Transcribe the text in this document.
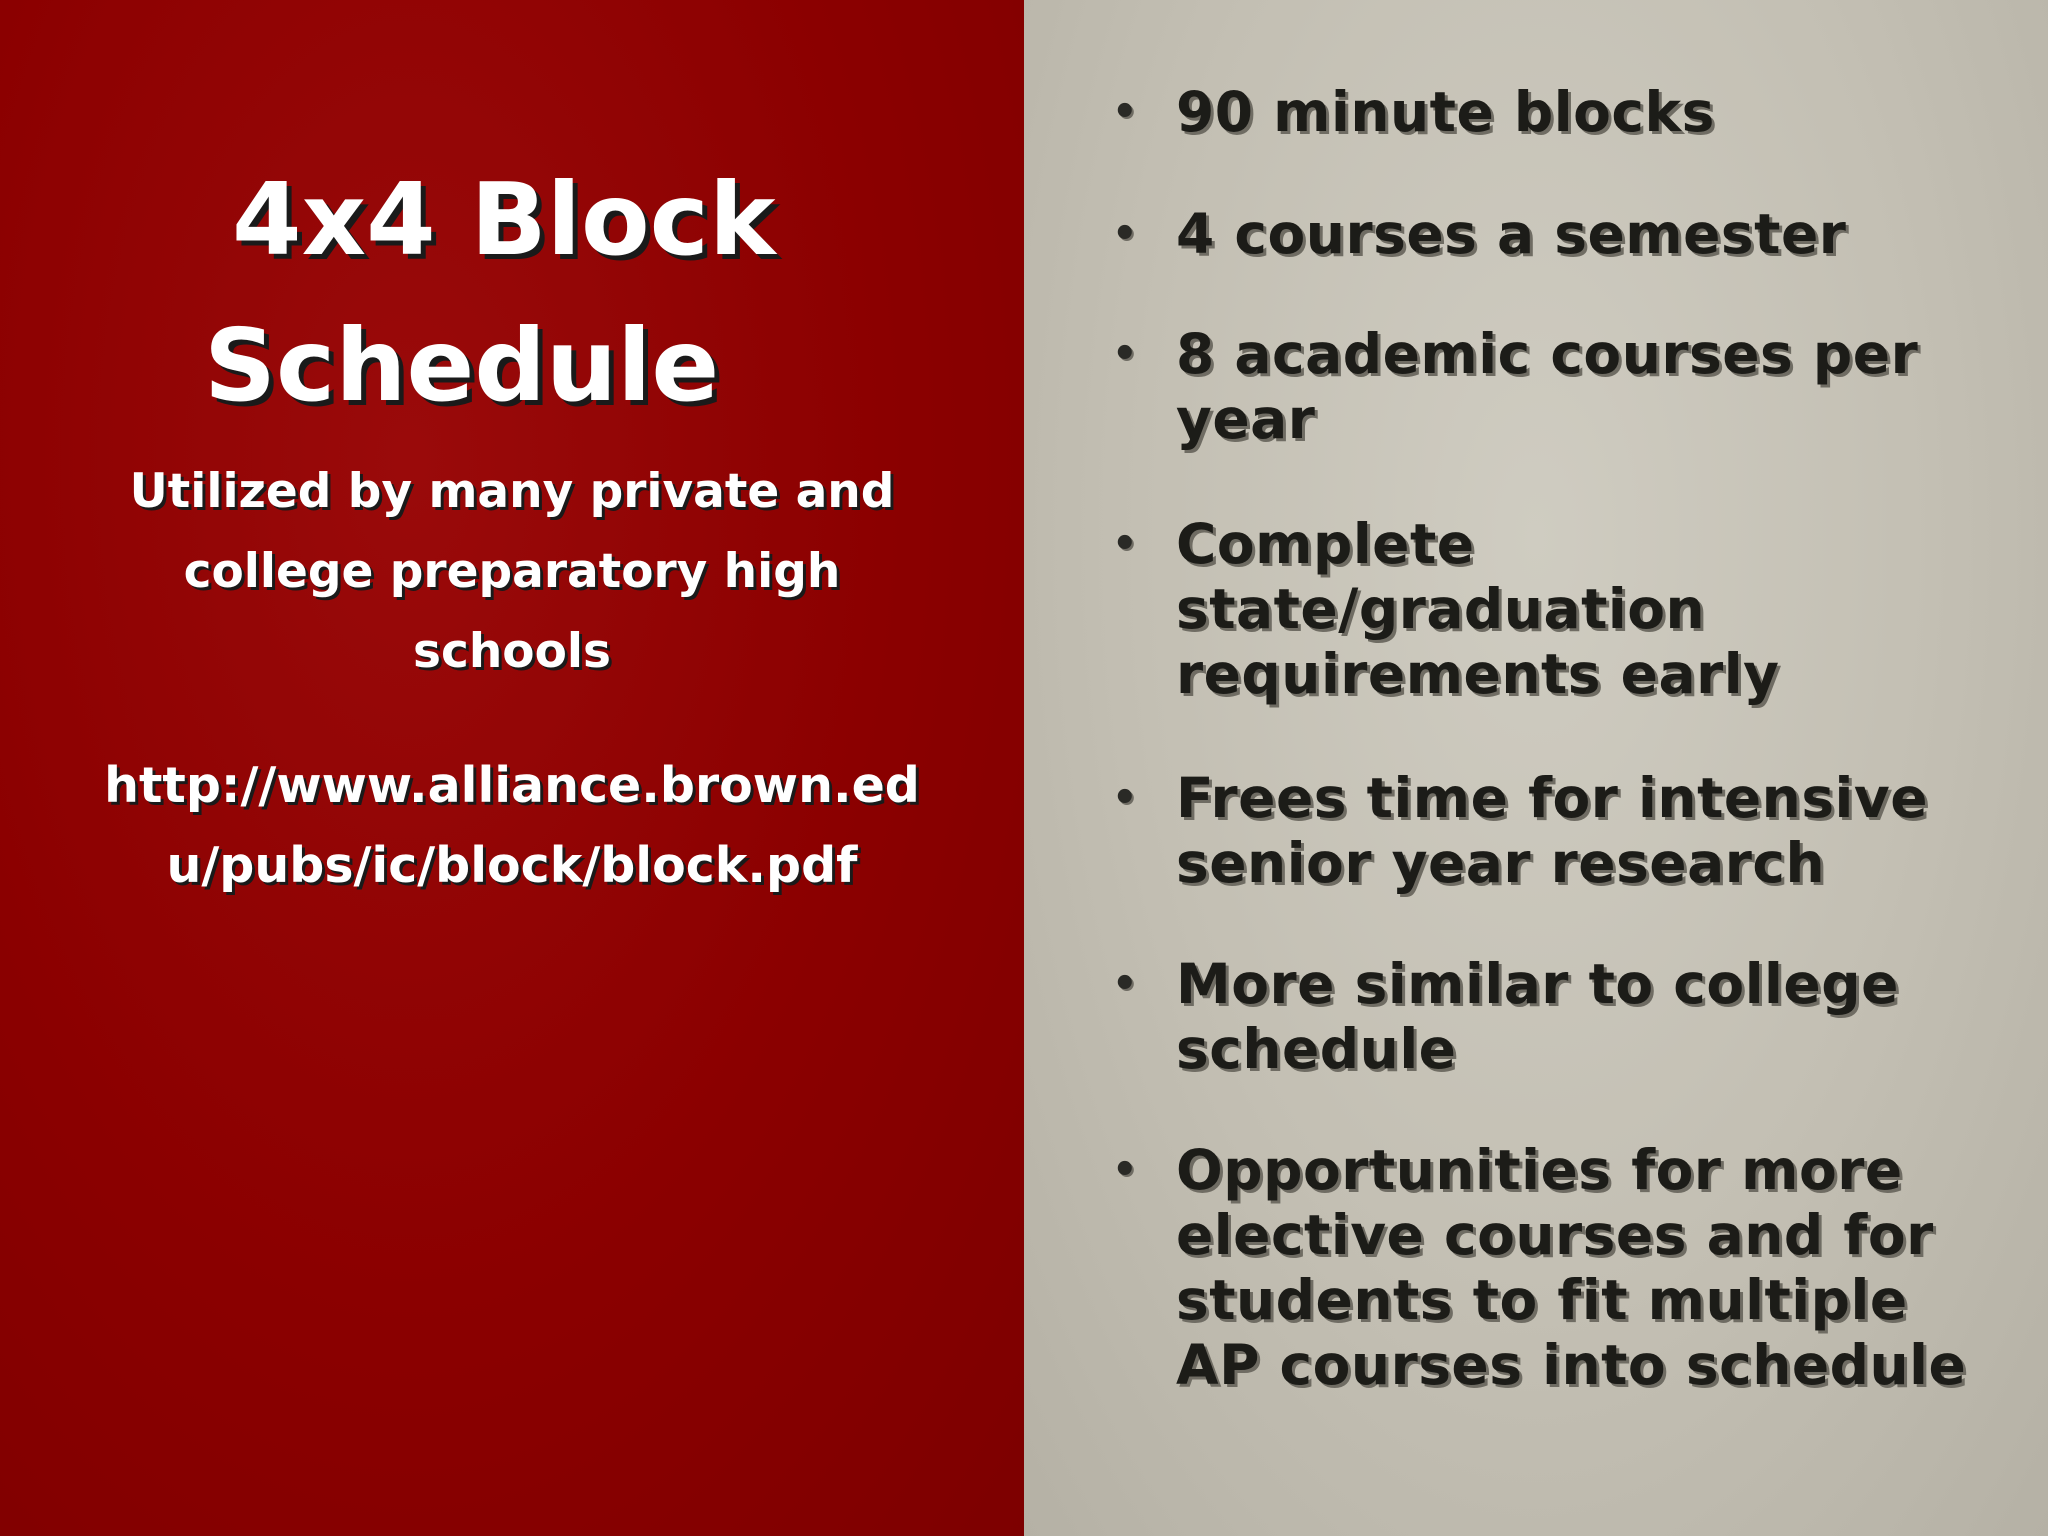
4x4 Block
Schedule
Utilized by many private and college preparatory high schools
http://www.alliance.brown.edu/pubs/ic/block/block.pdf
• 90 minute blocks
• 4 courses a semester
• 8 academic courses per year
• Complete state/graduation requirements early
• Frees time for intensive senior year research
• More similar to college schedule
• Opportunities for more elective courses and for students to fit multiple AP courses into schedule
